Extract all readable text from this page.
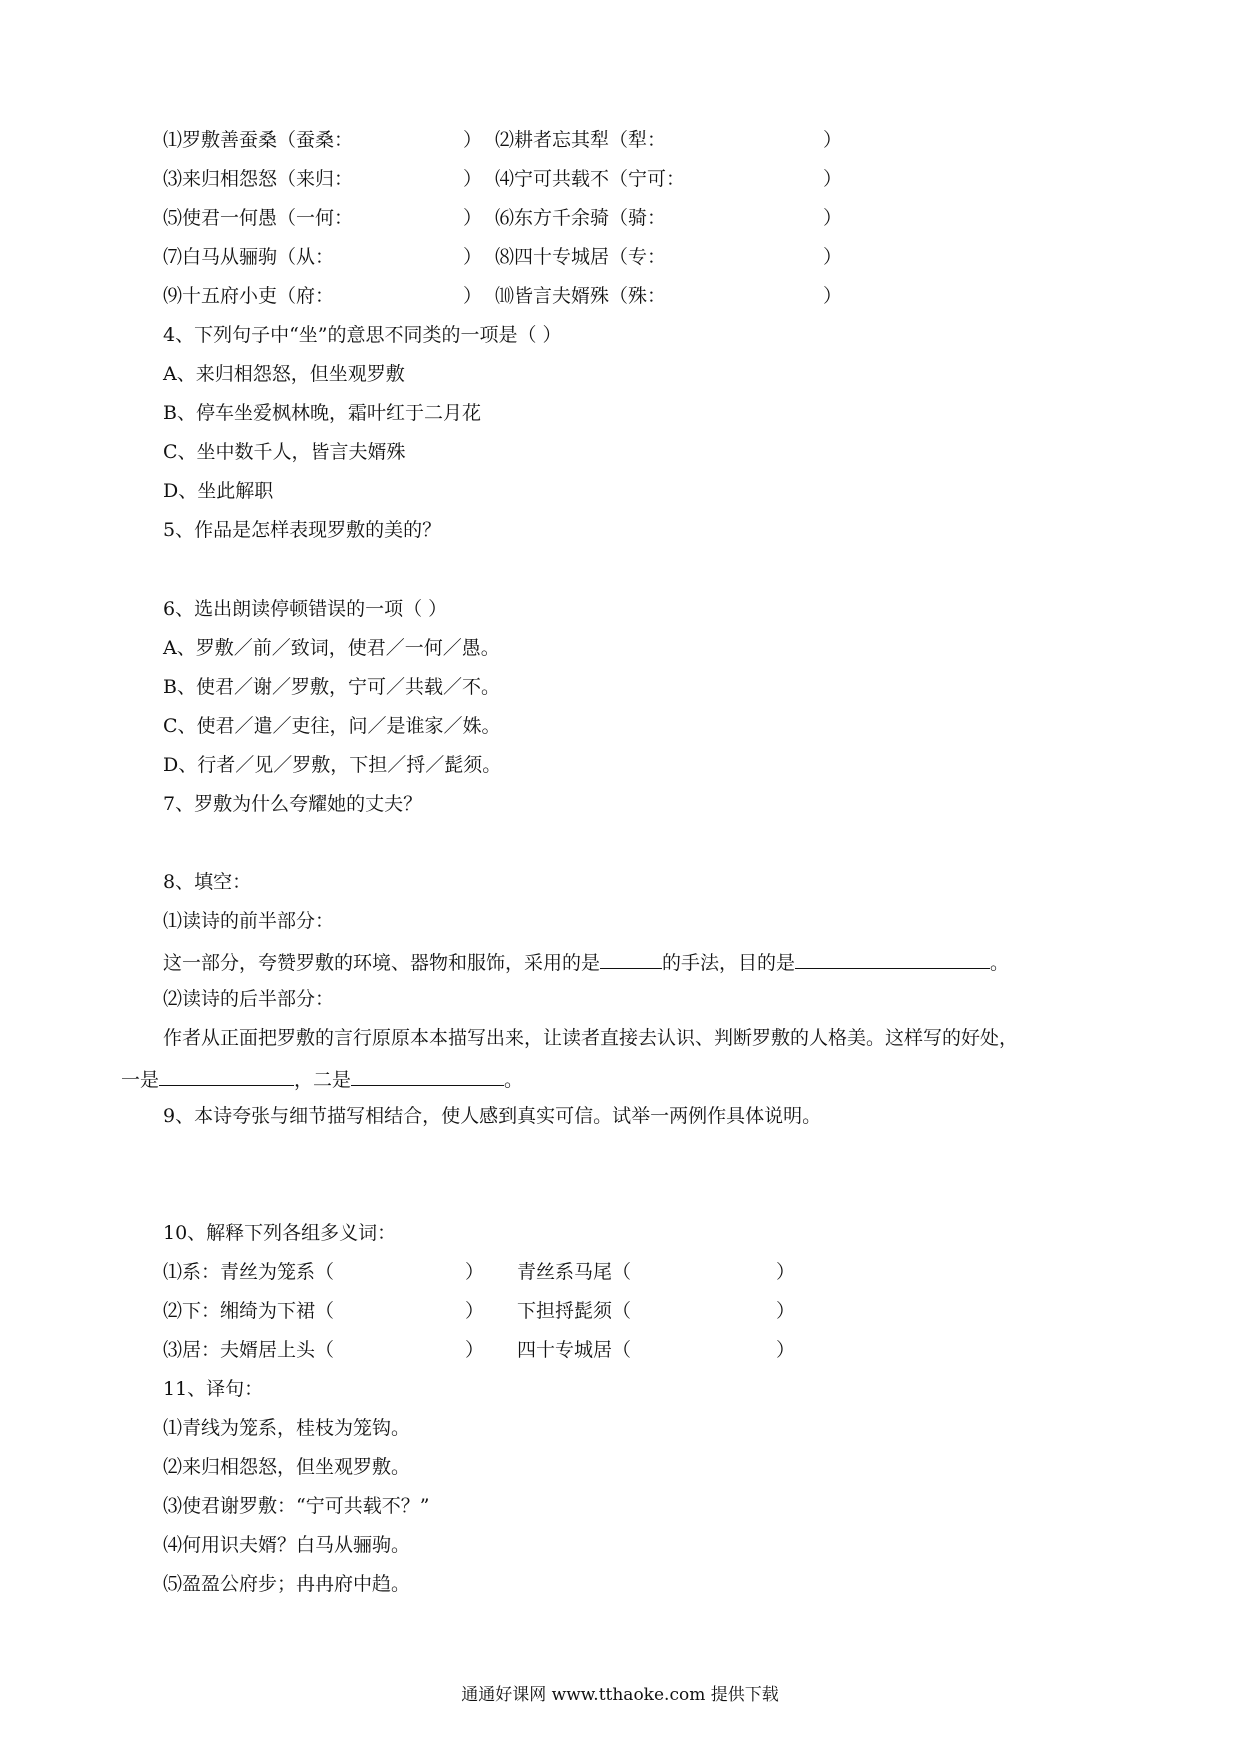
⑴罗敷善蚕桑（蚕桑：	） ⑵耕者忘其犁（犁：	）
⑶来归相怨怒（来归：	） ⑷宁可共载不（宁可：	）
⑸使君一何愚（一何：	） ⑹东方千余骑（骑：	）
⑺白马从骊驹（从：	） ⑻四十专城居（专：	）
⑼十五府小吏（府：	） ⑽皆言夫婿殊（殊：	）
4、下列句子中“坐”的意思不同类的一项是（ ）
A、来归相怨怒，但坐观罗敷
B、停车坐爱枫林晚，霜叶红于二月花
C、坐中数千人，皆言夫婿殊
D、坐此解职
5、作品是怎样表现罗敷的美的？
6、选出朗读停顿错误的一项（ ）
A、罗敷／前／致词，使君／一何／愚。
B、使君／谢／罗敷，宁可／共载／不。
C、使君／遣／吏往，问／是谁家／姝。
D、行者／见／罗敷，下担／捋／髭须。
7、罗敷为什么夸耀她的丈夫？
8、填空：
⑴读诗的前半部分：
这一部分，夸赞罗敷的环境、器物和服饰，采用的是	的手法，目的是	。
⑵读诗的后半部分：
作者从正面把罗敷的言行原原本本描写出来，让读者直接去认识、判断罗敷的人格美。这样写的好处，
一是	，二是	。
9、本诗夸张与细节描写相结合，使人感到真实可信。试举一两例作具体说明。
10、解释下列各组多义词：
⑴系：青丝为笼系（	） 青丝系马尾（	）
⑵下：缃绮为下裙（	） 下担捋髭须（	）
⑶居：夫婿居上头（	） 四十专城居（	）
11、译句：
⑴青线为笼系，桂枝为笼钩。
⑵来归相怨怒，但坐观罗敷。
⑶使君谢罗敷：“宁可共载不？”
⑷何用识夫婿？白马从骊驹。
⑸盈盈公府步；冉冉府中趋。
通通好课网 www.tthaoke.com 提供下载
